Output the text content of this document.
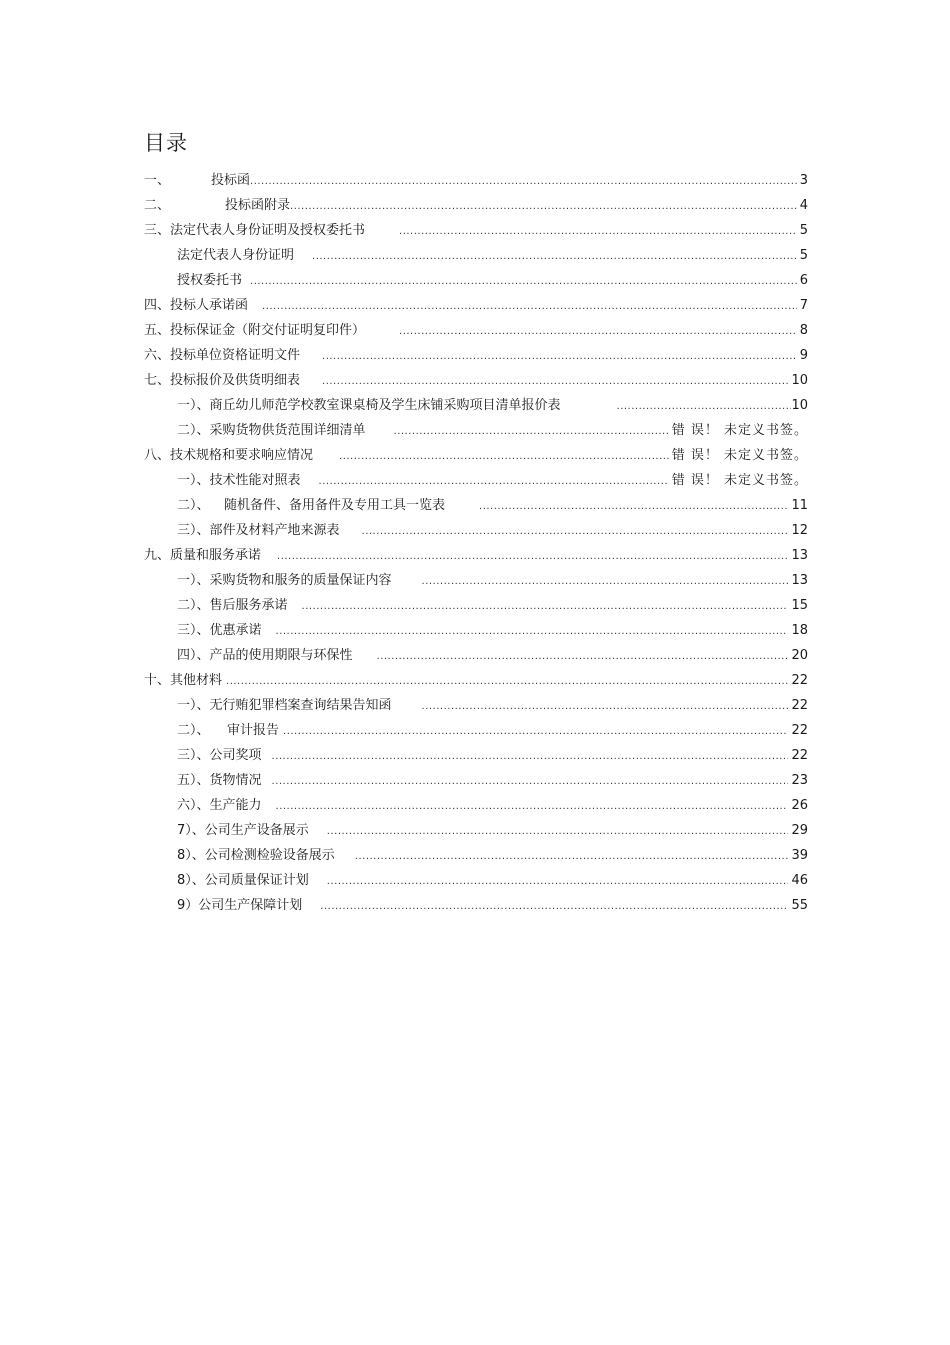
目录
一、	投标函 .....	3
二、	投标函附录 .....	4
三、法定代表人身份证明及授权委托书 .....	5
法定代表人身份证明 .....	5
授权委托书 .....	6
四、投标人承诺函 .....	7
五、投标保证金（附交付证明复印件） .....	8
六、投标单位资格证明文件 .....	9
七、投标报价及供货明细表 .....	10
一）、商丘幼儿师范学校教室课桌椅及学生床铺采购项目清单报价表 .....	10
二）、采购货物供货范围详细清单 .....	错 误！ 未定义书签。
八、技术规格和要求响应情况 .....	错 误！ 未定义书签。
一）、技术性能对照表 .....	错 误！ 未定义书签。
二）、	随机备件、备用备件及专用工具一览表 .....	11
三）、部件及材料产地来源表 .....	12
九、质量和服务承诺 .....	13
一）、采购货物和服务的质量保证内容 .....	13
二）、售后服务承诺 .....	15
三）、优惠承诺 .....	18
四）、产品的使用期限与环保性 .....	20
十、其他材料 .....	22
一）、无行贿犯罪档案查询结果告知函 .....	22
二）、	审计报告 .....	22
三）、公司奖项 .....	22
五）、货物情况 .....	23
六）、生产能力 .....	26
7）、公司生产设备展示 .....	29
8）、公司检测检验设备展示 .....	39
8）、公司质量保证计划 .....	46
9）公司生产保障计划 .....	55
